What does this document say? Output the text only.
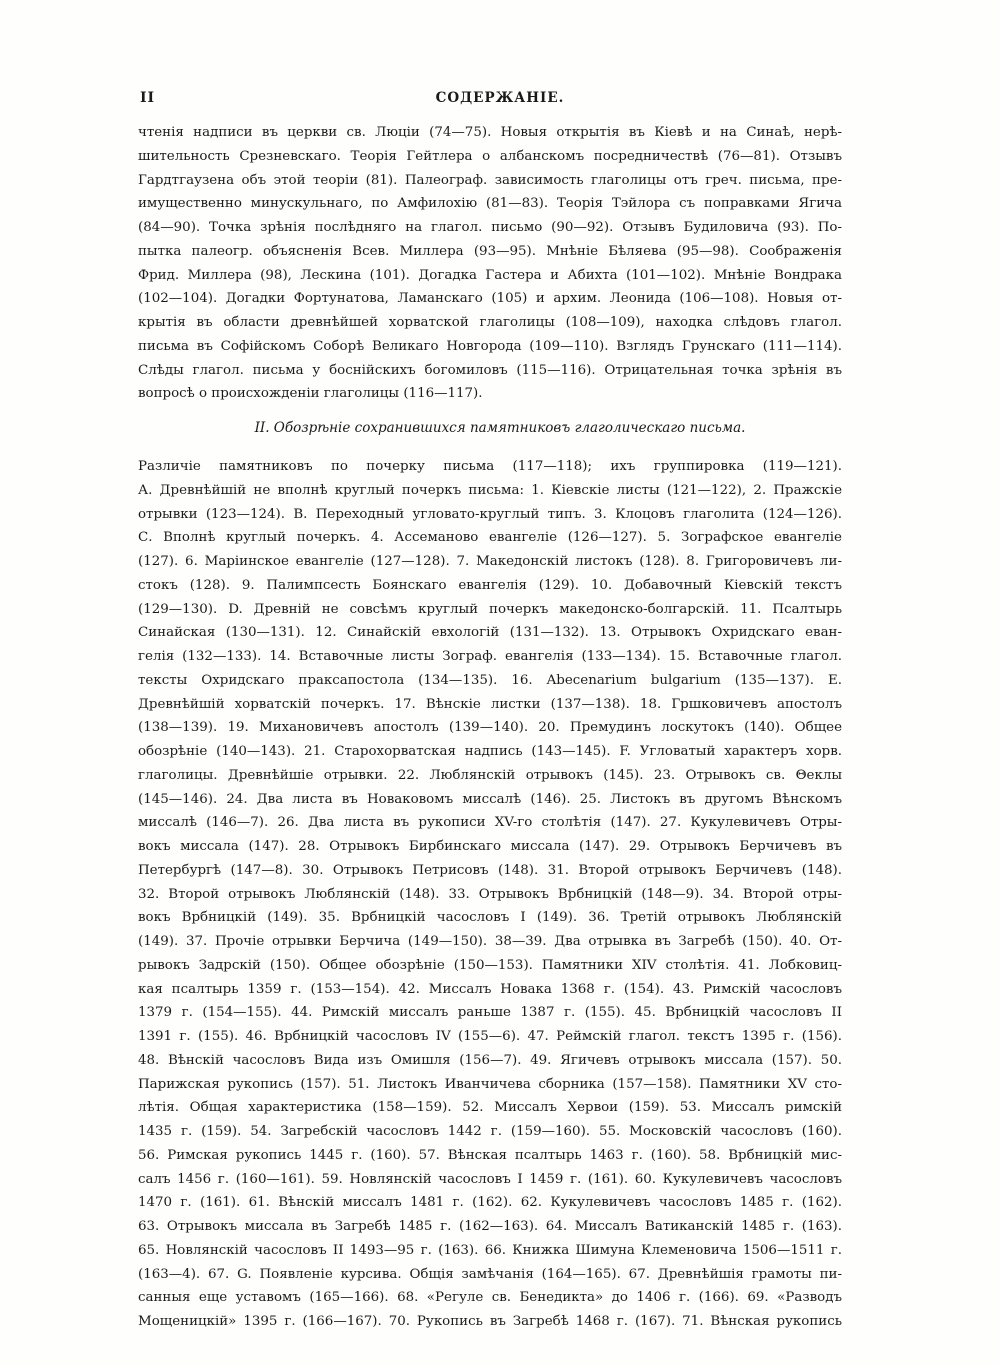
II	СОДЕРЖАНІЕ.
чтенія надписи въ церкви св. Люціи (74—75). Новыя открытія въ Кіевѣ и на Синаѣ, нерѣ-
шительность Срезневскаго. Теорія Гейтлера о албанскомъ посредничествѣ (76—81). Отзывъ
Гардтгаузена объ этой теоріи (81). Палеограф. зависимость глаголицы отъ греч. письма, пре-
имущественно минускульнаго, по Амфилохію (81—83). Теорія Тэйлора съ поправками Ягича
(84—90). Точка зрѣнія послѣдняго на глагол. письмо (90—92). Отзывъ Будиловича (93). По-
пытка палеогр. объясненія Всев. Миллера (93—95). Мнѣніе Бѣляева (95—98). Соображенія
Фрид. Миллера (98), Лескина (101). Догадка Гастера и Абихта (101—102). Мнѣніе Вондрака
(102—104). Догадки Фортунатова, Ламанскаго (105) и архим. Леонида (106—108). Новыя от-
крытія въ области древнѣйшей хорватской глаголицы (108—109), находка слѣдовъ глагол.
письма въ Софійскомъ Соборѣ Великаго Новгорода (109—110). Взглядъ Грунскаго (111—114).
Слѣды глагол. письма у боснійскихъ богомиловъ (115—116). Отрицательная точка зрѣнія въ
вопросѣ о происхожденіи глаголицы (116—117).
II. Обозрѣніе сохранившихся памятниковъ глаголическаго письма.
Различіе памятниковъ по почерку письма (117—118); ихъ группировка (119—121).
А. Древнѣйшій не вполнѣ круглый почеркъ письма: 1. Кіевскіе листы (121—122), 2. Пражскіе
отрывки (123—124). В. Переходный угловато-круглый типъ. 3. Клоцовъ глаголита (124—126).
С. Вполнѣ круглый почеркъ. 4. Ассеманово евангеліе (126—127). 5. Зографское евангеліе
(127). 6. Маріинское евангеліе (127—128). 7. Македонскій листокъ (128). 8. Григоровичевъ ли-
стокъ (128). 9. Палимпсесть Боянскаго евангелія (129). 10. Добавочный Кіевскій текстъ
(129—130). D. Древній не совсѣмъ круглый почеркъ македонско-болгарскій. 11. Псалтырь
Синайская (130—131). 12. Синайскій евхологій (131—132). 13. Отрывокъ Охридскаго еван-
гелія (132—133). 14. Вставочные листы Зограф. евангелія (133—134). 15. Вставочные глагол.
тексты Охридскаго праксапостола (134—135). 16. Abecenarium bulgarium (135—137). E.
Древнѣйшій хорватскій почеркъ. 17. Вѣнскіе листки (137—138). 18. Гршковичевъ апостолъ
(138—139). 19. Михановичевъ апостолъ (139—140). 20. Премудинъ лоскутокъ (140). Общее
обозрѣніе (140—143). 21. Старохорватская надпись (143—145). F. Угловатый характеръ хорв.
глаголицы. Древнѣйшіе отрывки. 22. Люблянскій отрывокъ (145). 23. Отрывокъ св. Θеклы
(145—146). 24. Два листа въ Новаковомъ миссалѣ (146). 25. Листокъ въ другомъ Вѣнскомъ
миссалѣ (146—7). 26. Два листа въ рукописи XV-го столѣтія (147). 27. Кукулевичевъ Отры-
вокъ миссала (147). 28. Отрывокъ Бирбинскаго миссала (147). 29. Отрывокъ Берчичевъ въ
Петербургѣ (147—8). 30. Отрывокъ Петрисовъ (148). 31. Второй отрывокъ Берчичевъ (148).
32. Второй отрывокъ Люблянскій (148). 33. Отрывокъ Врбницкій (148—9). 34. Второй отры-
вокъ Врбницкій (149). 35. Врбницкій часословъ I (149). 36. Третій отрывокъ Люблянскій
(149). 37. Прочіе отрывки Берчича (149—150). 38—39. Два отрывка въ Загребѣ (150). 40. От-
рывокъ Задрскій (150). Общее обозрѣніе (150—153). Памятники XIV столѣтія. 41. Лобковиц-
кая псалтырь 1359 г. (153—154). 42. Миссалъ Новака 1368 г. (154). 43. Римскій часословъ
1379 г. (154—155). 44. Римскій миссалъ раньше 1387 г. (155). 45. Врбницкій часословъ II
1391 г. (155). 46. Врбницкій часословъ IV (155—6). 47. Реймскій глагол. текстъ 1395 г. (156).
48. Вѣнскій часословъ Вида изъ Омишля (156—7). 49. Ягичевъ отрывокъ миссала (157). 50.
Парижская рукопись (157). 51. Листокъ Иванчичева сборника (157—158). Памятники XV сто-
лѣтія. Общая характеристика (158—159). 52. Миссалъ Хервои (159). 53. Миссалъ римскій
1435 г. (159). 54. Загребскій часословъ 1442 г. (159—160). 55. Московскій часословъ (160).
56. Римская рукопись 1445 г. (160). 57. Вѣнская псалтырь 1463 г. (160). 58. Врбницкій мис-
салъ 1456 г. (160—161). 59. Новлянскій часословъ I 1459 г. (161). 60. Кукулевичевъ часословъ
1470 г. (161). 61. Вѣнскій миссалъ 1481 г. (162). 62. Кукулевичевъ часословъ 1485 г. (162).
63. Отрывокъ миссала въ Загребѣ 1485 г. (162—163). 64. Миссалъ Ватиканскій 1485 г. (163).
65. Новлянскій часословъ II 1493—95 г. (163). 66. Книжка Шимуна Клеменовича 1506—1511 г.
(163—4). 67. G. Появленіе курсива. Общія замѣчанія (164—165). 67. Древнѣйшія грамоты пи-
санныя еще уставомъ (165—166). 68. «Регуле св. Бенедикта» до 1406 г. (166). 69. «Разводъ
Мощеницкій» 1395 г. (166—167). 70. Рукопись въ Загребѣ 1468 г. (167). 71. Вѣнская рукопись
